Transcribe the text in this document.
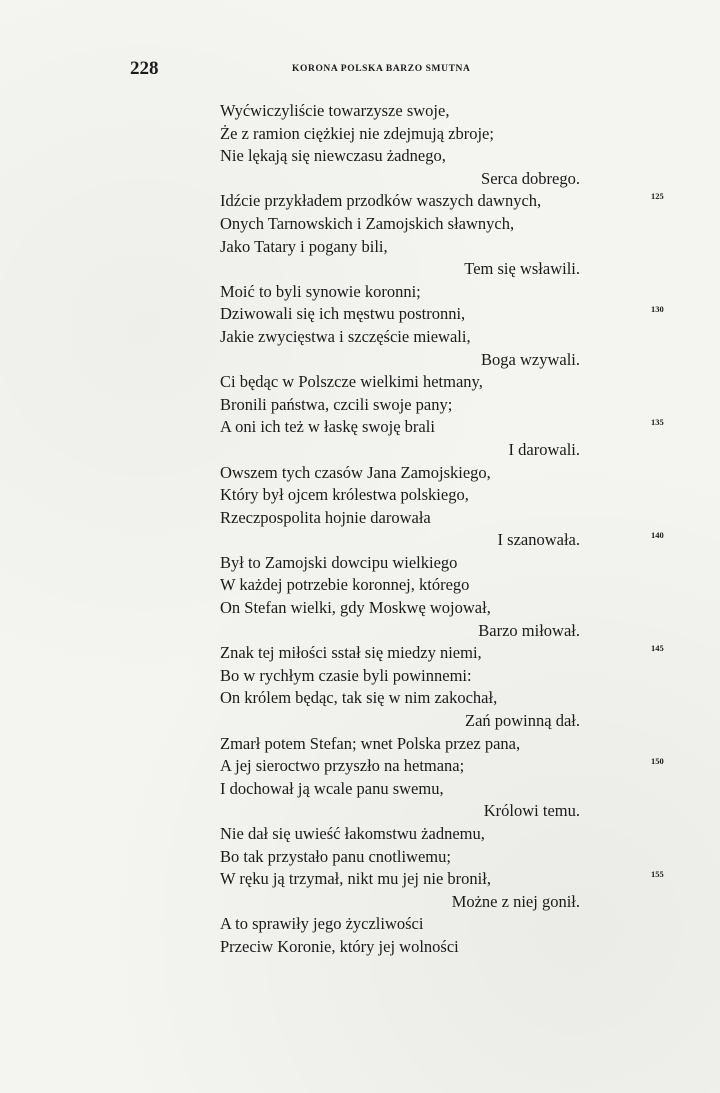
228	KORONA POLSKA BARZO SMUTNA
Wyćwiczyliście towarzysze swoje,
Że z ramion ciężkiej nie zdejmują zbroje;
Nie lękają się niewczasu żadnego,
Serca dobrego.
Idźcie przykładem przodków waszych dawnych,
Onych Tarnowskich i Zamojskich sławnych,
Jako Tatary i pogany bili,
Tem się wsławili.
Moić to byli synowie koronni;
Dziwowali się ich męstwu postronni,
Jakie zwycięstwa i szczęście miewali,
Boga wzywali.
Ci będąc w Polszcze wielkimi hetmany,
Bronili państwa, czcili swoje pany;
A oni ich też w łaskę swoję brali
I darowali.
Owszem tych czasów Jana Zamojskiego,
Który był ojcem królestwa polskiego,
Rzeczpospolita hojnie darowała
I szanowała.
Był to Zamojski dowcipu wielkiego
W każdej potrzebie koronnej, którego
On Stefan wielki, gdy Moskwę wojował,
Barzo miłował.
Znak tej miłości sstał się miedzy niemi,
Bo w rychłym czasie byli powinnemi:
On królem będąc, tak się w nim zakochał,
Zań powinną dał.
Zmarł potem Stefan; wnet Polska przez pana,
A jej sieroctwo przyszło na hetmana;
I dochował ją wcale panu swemu,
Królowi temu.
Nie dał się uwieść łakomstwu żadnemu,
Bo tak przystało panu cnotliwemu;
W ręku ją trzymał, nikt mu jej nie bronił,
Możne z niej gonił.
A to sprawiły jego życzliwości
Przeciw Koronie, który jej wolności
125
130
135
140
145
150
155
